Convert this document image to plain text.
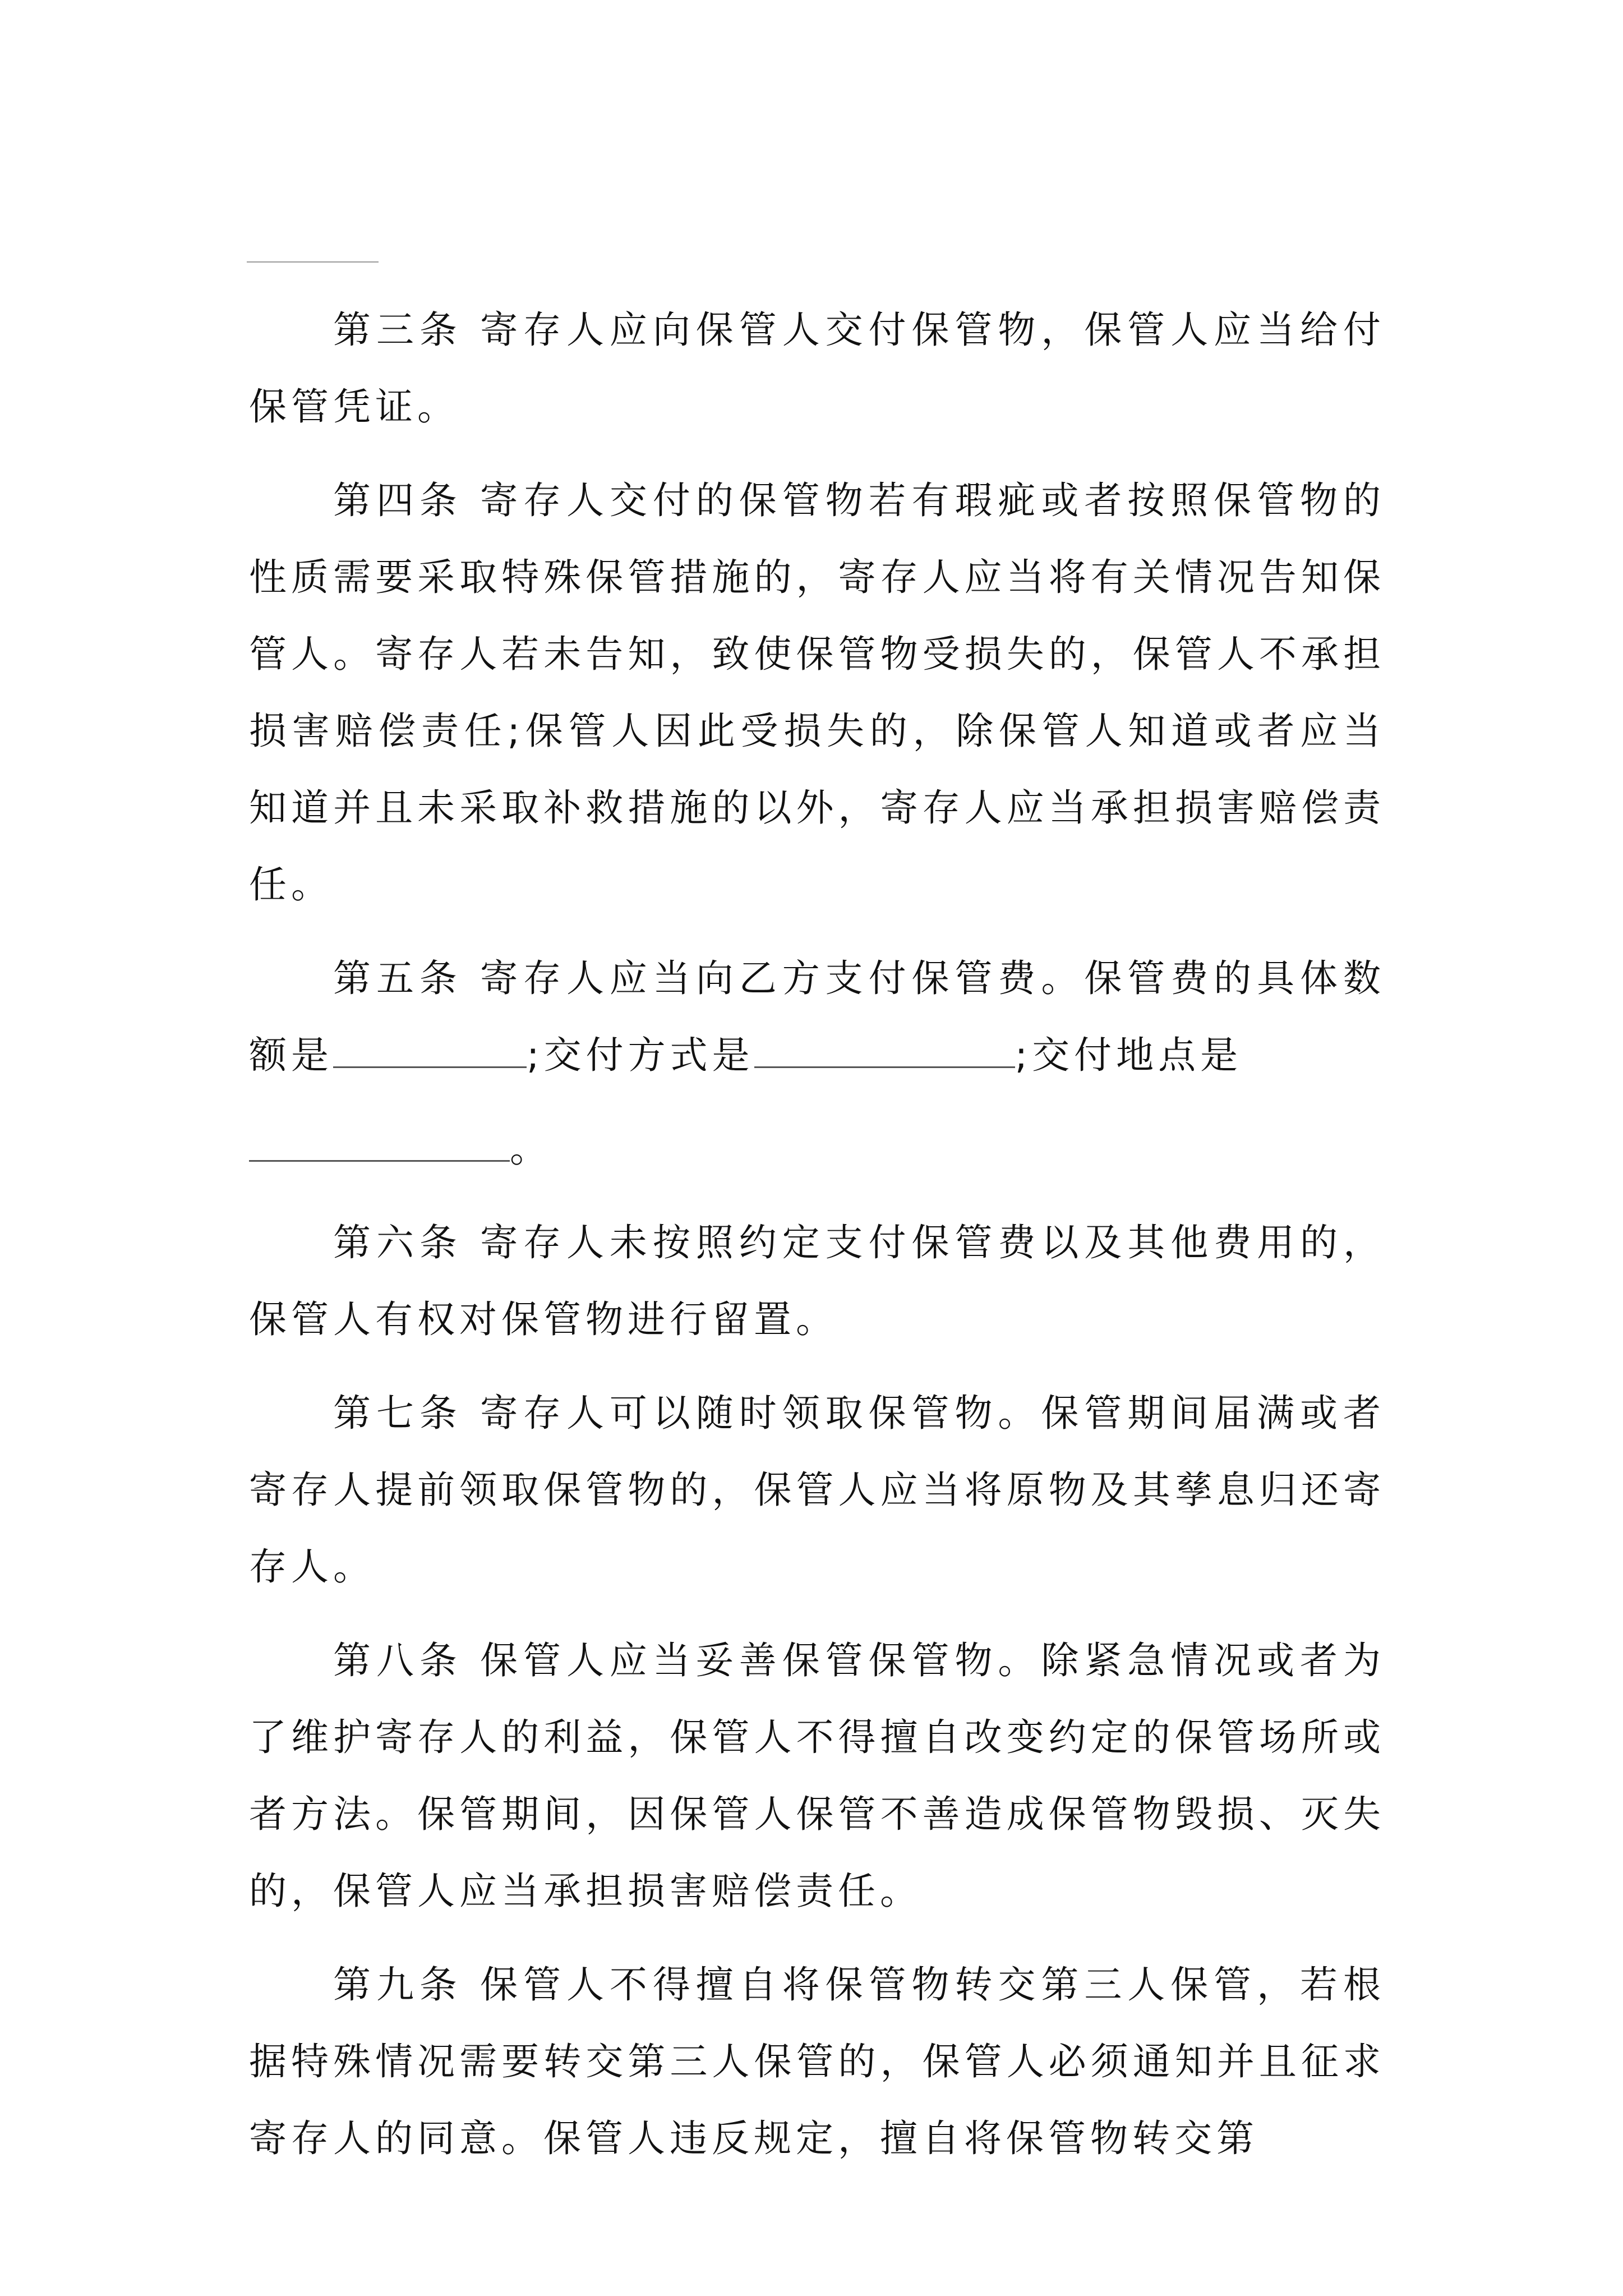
第三条 寄存人应向保管人交付保管物，保管人应当给付保管凭证。

第四条 寄存人交付的保管物若有瑕疵或者按照保管物的性质需要采取特殊保管措施的，寄存人应当将有关情况告知保管人。寄存人若未告知，致使保管物受损失的，保管人不承担损害赔偿责任;保管人因此受损失的，除保管人知道或者应当知道并且未采取补救措施的以外，寄存人应当承担损害赔偿责任。

第五条 寄存人应当向乙方支付保管费。保管费的具体数额是	;交付方式是	;交付地点是
。

第六条 寄存人未按照约定支付保管费以及其他费用的，保管人有权对保管物进行留置。

第七条 寄存人可以随时领取保管物。保管期间届满或者寄存人提前领取保管物的，保管人应当将原物及其孳息归还寄存人。

第八条 保管人应当妥善保管保管物。除紧急情况或者为了维护寄存人的利益，保管人不得擅自改变约定的保管场所或者方法。保管期间，因保管人保管不善造成保管物毁损、灭失的，保管人应当承担损害赔偿责任。

第九条 保管人不得擅自将保管物转交第三人保管，若根据特殊情况需要转交第三人保管的，保管人必须通知并且征求寄存人的同意。保管人违反规定，擅自将保管物转交第
